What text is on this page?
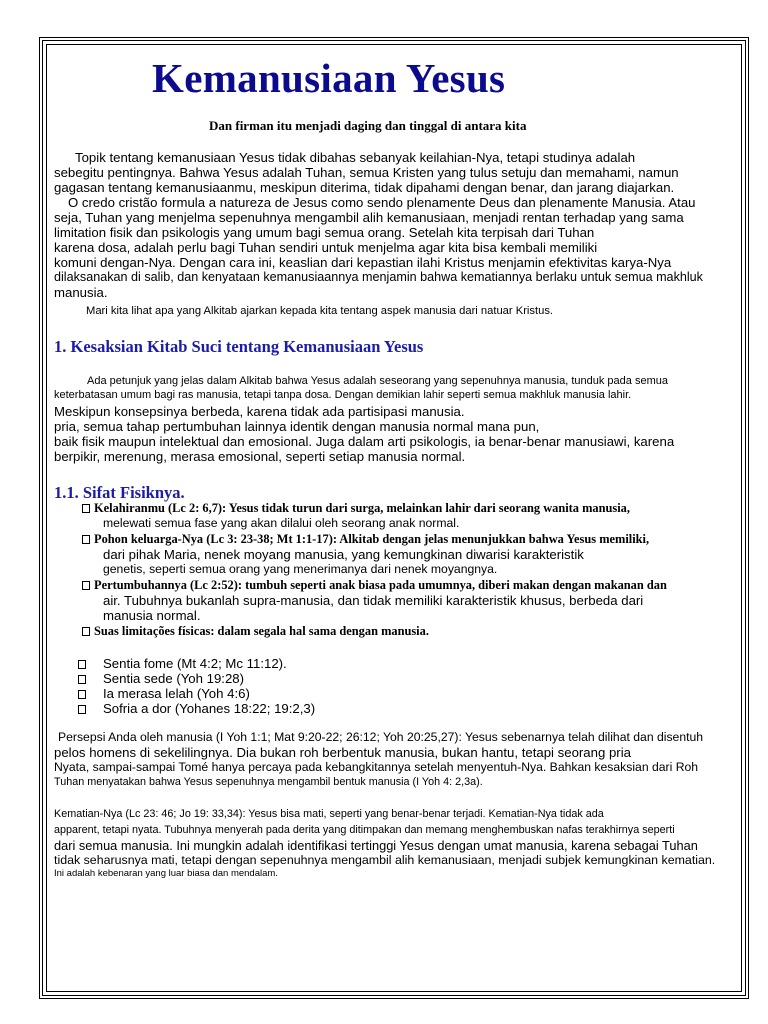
Kemanusiaan Yesus
Dan firman itu menjadi daging dan tinggal di antara kita
Topik tentang kemanusiaan Yesus tidak dibahas sebanyak keilahian-Nya, tetapi studinya adalah
sebegitu pentingnya. Bahwa Yesus adalah Tuhan, semua Kristen yang tulus setuju dan memahami, namun
gagasan tentang kemanusiaanmu, meskipun diterima, tidak dipahami dengan benar, dan jarang diajarkan.
O credo cristão formula a natureza de Jesus como sendo plenamente Deus dan plenamente Manusia. Atau
seja, Tuhan yang menjelma sepenuhnya mengambil alih kemanusiaan, menjadi rentan terhadap yang sama
limitation fisik dan psikologis yang umum bagi semua orang. Setelah kita terpisah dari Tuhan
karena dosa, adalah perlu bagi Tuhan sendiri untuk menjelma agar kita bisa kembali memiliki
komuni dengan-Nya. Dengan cara ini, keaslian dari kepastian ilahi Kristus menjamin efektivitas karya-Nya
dilaksanakan di salib, dan kenyataan kemanusiaannya menjamin bahwa kematiannya berlaku untuk semua makhluk
manusia.
Mari kita lihat apa yang Alkitab ajarkan kepada kita tentang aspek manusia dari natuar Kristus.
1. Kesaksian Kitab Suci tentang Kemanusiaan Yesus
Ada petunjuk yang jelas dalam Alkitab bahwa Yesus adalah seseorang yang sepenuhnya manusia, tunduk pada semua
keterbatasan umum bagi ras manusia, tetapi tanpa dosa. Dengan demikian lahir seperti semua makhluk manusia lahir.
Meskipun konsepsinya berbeda, karena tidak ada partisipasi manusia.
pria, semua tahap pertumbuhan lainnya identik dengan manusia normal mana pun,
baik fisik maupun intelektual dan emosional. Juga dalam arti psikologis, ia benar-benar manusiawi, karena
berpikir, merenung, merasa emosional, seperti setiap manusia normal.
1.1. Sifat Fisiknya.
Kelahiranmu (Lc 2: 6,7): Yesus tidak turun dari surga, melainkan lahir dari seorang wanita manusia,
melewati semua fase yang akan dilalui oleh seorang anak normal.
Pohon keluarga-Nya (Lc 3: 23-38; Mt 1:1-17): Alkitab dengan jelas menunjukkan bahwa Yesus memiliki,
dari pihak Maria, nenek moyang manusia, yang kemungkinan diwarisi karakteristik
genetis, seperti semua orang yang menerimanya dari nenek moyangnya.
Pertumbuhannya (Lc 2:52): tumbuh seperti anak biasa pada umumnya, diberi makan dengan makanan dan
air. Tubuhnya bukanlah supra-manusia, dan tidak memiliki karakteristik khusus, berbeda dari
manusia normal.
Suas limitações físicas: dalam segala hal sama dengan manusia.
Sentia fome (Mt 4:2; Mc 11:12).
Sentia sede (Yoh 19:28)
Ia merasa lelah (Yoh 4:6)
Sofria a dor (Yohanes 18:22; 19:2,3)
Persepsi Anda oleh manusia (I Yoh 1:1; Mat 9:20-22; 26:12; Yoh 20:25,27): Yesus sebenarnya telah dilihat dan disentuh
pelos homens di sekelilingnya. Dia bukan roh berbentuk manusia, bukan hantu, tetapi seorang pria
Nyata, sampai-sampai Tomé hanya percaya pada kebangkitannya setelah menyentuh-Nya. Bahkan kesaksian dari Roh
Tuhan menyatakan bahwa Yesus sepenuhnya mengambil bentuk manusia (I Yoh 4: 2,3a).
Kematian-Nya (Lc 23: 46; Jo 19: 33,34): Yesus bisa mati, seperti yang benar-benar terjadi. Kematian-Nya tidak ada
apparent, tetapi nyata. Tubuhnya menyerah pada derita yang ditimpakan dan memang menghembuskan nafas terakhirnya seperti
dari semua manusia. Ini mungkin adalah identifikasi tertinggi Yesus dengan umat manusia, karena sebagai Tuhan
tidak seharusnya mati, tetapi dengan sepenuhnya mengambil alih kemanusiaan, menjadi subjek kemungkinan kematian.
Ini adalah kebenaran yang luar biasa dan mendalam.
